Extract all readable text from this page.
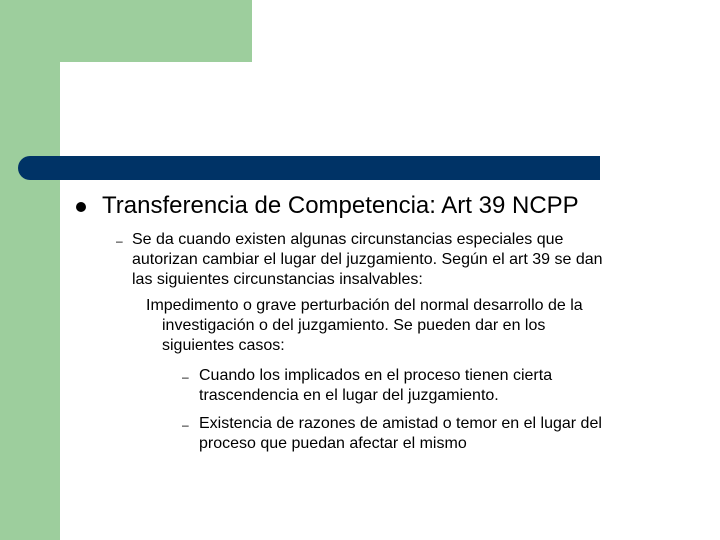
Transferencia de Competencia: Art 39 NCPP
– Se da cuando existen algunas circunstancias especiales que
autorizan cambiar el lugar del juzgamiento. Según el art 39 se dan
las siguientes circunstancias insalvables:

Impedimento o grave perturbación del normal desarrollo de la
investigación o del juzgamiento. Se pueden dar en los
siguientes casos:

– Cuando los implicados en el proceso tienen cierta
trascendencia en el lugar del juzgamiento.

– Existencia de razones de amistad o temor en el lugar del
proceso que puedan afectar el mismo
